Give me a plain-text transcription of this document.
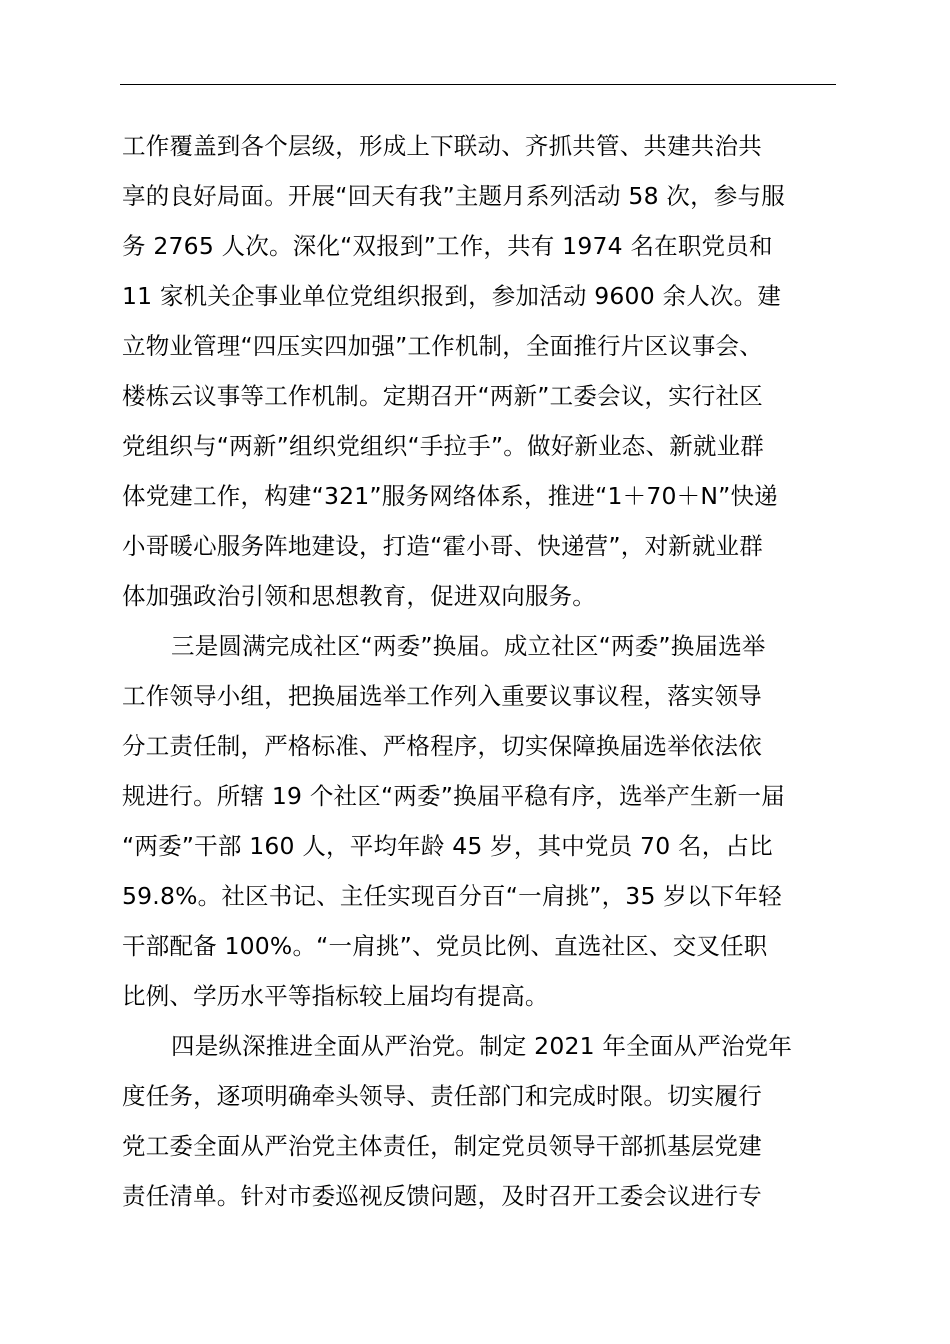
工作覆盖到各个层级，形成上下联动、齐抓共管、共建共治共
享的良好局面。开展“回天有我”主题月系列活动 58 次，参与服
务 2765 人次。深化“双报到”工作，共有 1974 名在职党员和
11 家机关企事业单位党组织报到，参加活动 9600 余人次。建
立物业管理“四压实四加强”工作机制，全面推行片区议事会、
楼栋云议事等工作机制。定期召开“两新”工委会议，实行社区
党组织与“两新”组织党组织“手拉手”。做好新业态、新就业群
体党建工作，构建“321”服务网络体系，推进“1＋70＋N”快递
小哥暖心服务阵地建设，打造“霍小哥、快递营”，对新就业群
体加强政治引领和思想教育，促进双向服务。
三是圆满完成社区“两委”换届。成立社区“两委”换届选举
工作领导小组，把换届选举工作列入重要议事议程，落实领导
分工责任制，严格标准、严格程序，切实保障换届选举依法依
规进行。所辖 19 个社区“两委”换届平稳有序，选举产生新一届
“两委”干部 160 人，平均年龄 45 岁，其中党员 70 名，占比
59.8%。社区书记、主任实现百分百“一肩挑”，35 岁以下年轻
干部配备 100%。“一肩挑”、党员比例、直选社区、交叉任职
比例、学历水平等指标较上届均有提高。
四是纵深推进全面从严治党。制定 2021 年全面从严治党年
度任务，逐项明确牵头领导、责任部门和完成时限。切实履行
党工委全面从严治党主体责任，制定党员领导干部抓基层党建
责任清单。针对市委巡视反馈问题，及时召开工委会议进行专
